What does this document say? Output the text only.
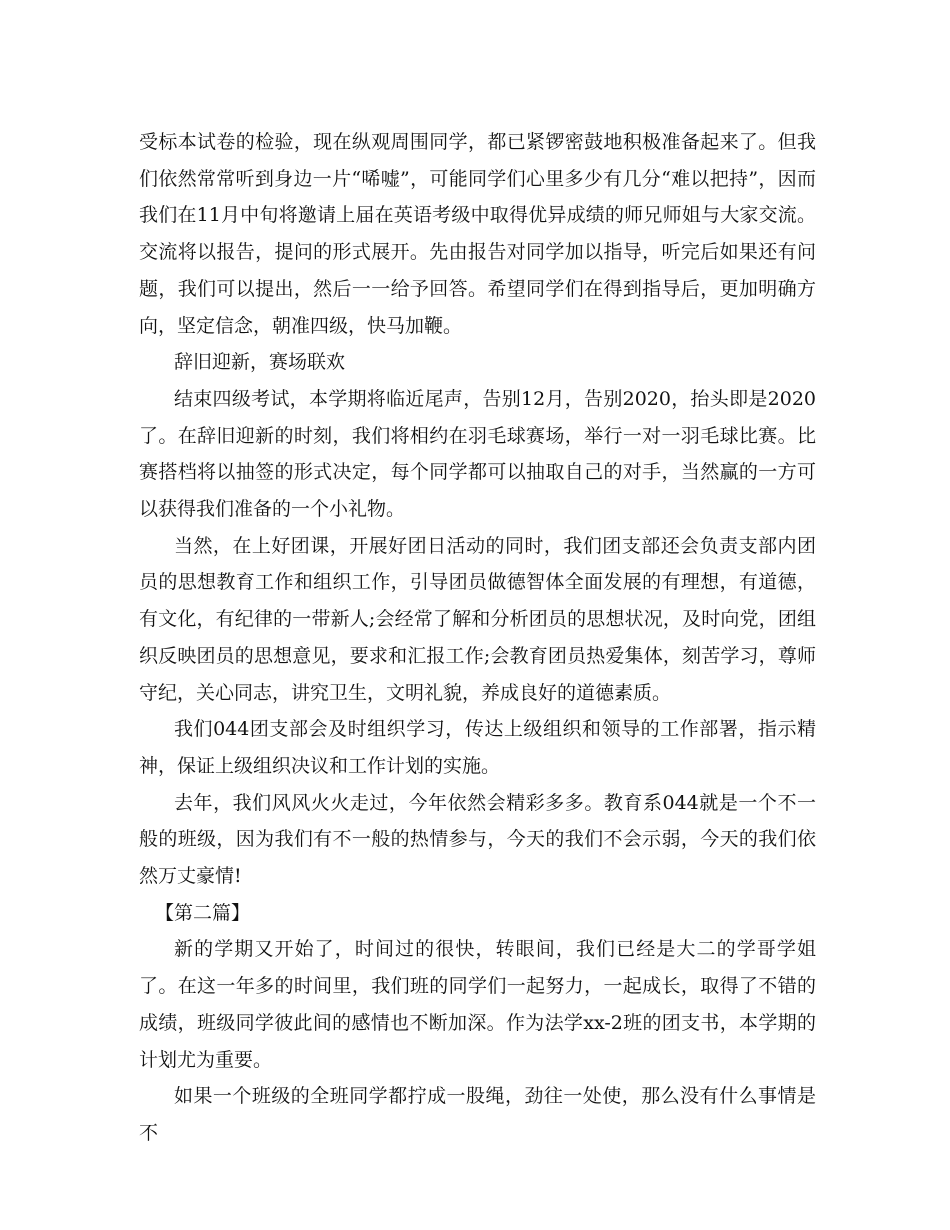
受标本试卷的检验，现在纵观周围同学，都已紧锣密鼓地积极准备起来了。但我们依然常常听到身边一片“唏嘘”，可能同学们心里多少有几分“难以把持”，因而我们在11月中旬将邀请上届在英语考级中取得优异成绩的师兄师姐与大家交流。交流将以报告，提问的形式展开。先由报告对同学加以指导，听完后如果还有问题，我们可以提出，然后一一给予回答。希望同学们在得到指导后，更加明确方向，坚定信念，朝准四级，快马加鞭。

辞旧迎新，赛场联欢

结束四级考试，本学期将临近尾声，告别12月，告别2020，抬头即是2020了。在辞旧迎新的时刻，我们将相约在羽毛球赛场，举行一对一羽毛球比赛。比赛搭档将以抽签的形式决定，每个同学都可以抽取自己的对手，当然赢的一方可以获得我们准备的一个小礼物。

当然，在上好团课，开展好团日活动的同时，我们团支部还会负责支部内团员的思想教育工作和组织工作，引导团员做德智体全面发展的有理想，有道德，有文化，有纪律的一带新人;会经常了解和分析团员的思想状况，及时向党，团组织反映团员的思想意见，要求和汇报工作;会教育团员热爱集体，刻苦学习，尊师守纪，关心同志，讲究卫生，文明礼貌，养成良好的道德素质。

我们044团支部会及时组织学习，传达上级组织和领导的工作部署，指示精神，保证上级组织决议和工作计划的实施。

去年，我们风风火火走过，今年依然会精彩多多。教育系044就是一个不一般的班级，因为我们有不一般的热情参与，今天的我们不会示弱，今天的我们依然万丈豪情!

【第二篇】

新的学期又开始了，时间过的很快，转眼间，我们已经是大二的学哥学姐了。在这一年多的时间里，我们班的同学们一起努力，一起成长，取得了不错的成绩，班级同学彼此间的感情也不断加深。作为法学xx-2班的团支书，本学期的计划尤为重要。

如果一个班级的全班同学都拧成一股绳，劲往一处使，那么没有什么事情是不
